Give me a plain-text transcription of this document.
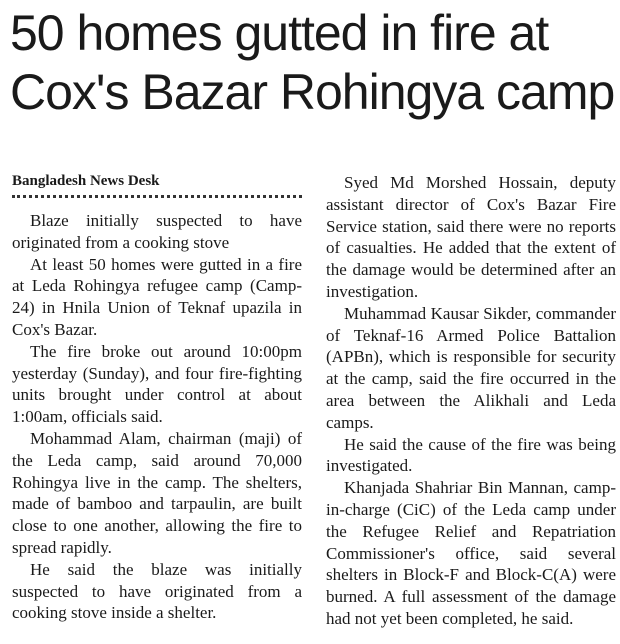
50 homes gutted in fire at
Cox's Bazar Rohingya camp
Bangladesh News Desk

Blaze initially suspected to have originated from a cooking stove

At least 50 homes were gutted in a fire at Leda Rohingya refugee camp (Camp-24) in Hnila Union of Teknaf upazila in Cox's Bazar.

The fire broke out around 10:00pm yesterday (Sunday), and four fire-fighting units brought under control at about 1:00am, officials said.

Mohammad Alam, chairman (maji) of the Leda camp, said around 70,000 Rohingya live in the camp. The shelters, made of bamboo and tarpaulin, are built close to one another, allowing the fire to spread rapidly.

He said the blaze was initially suspected to have originated from a cooking stove inside a shelter.

Syed Md Morshed Hossain, deputy assistant director of Cox's Bazar Fire Service station, said there were no reports of casualties. He added that the extent of the damage would be determined after an investigation.

Muhammad Kausar Sikder, commander of Teknaf-16 Armed Police Battalion (APBn), which is responsible for security at the camp, said the fire occurred in the area between the Alikhali and Leda camps.

He said the cause of the fire was being investigated.

Khanjada Shahriar Bin Mannan, camp-in-charge (CiC) of the Leda camp under the Refugee Relief and Repatriation Commissioner's office, said several shelters in Block-F and Block-C(A) were burned. A full assessment of the damage had not yet been completed, he said.
